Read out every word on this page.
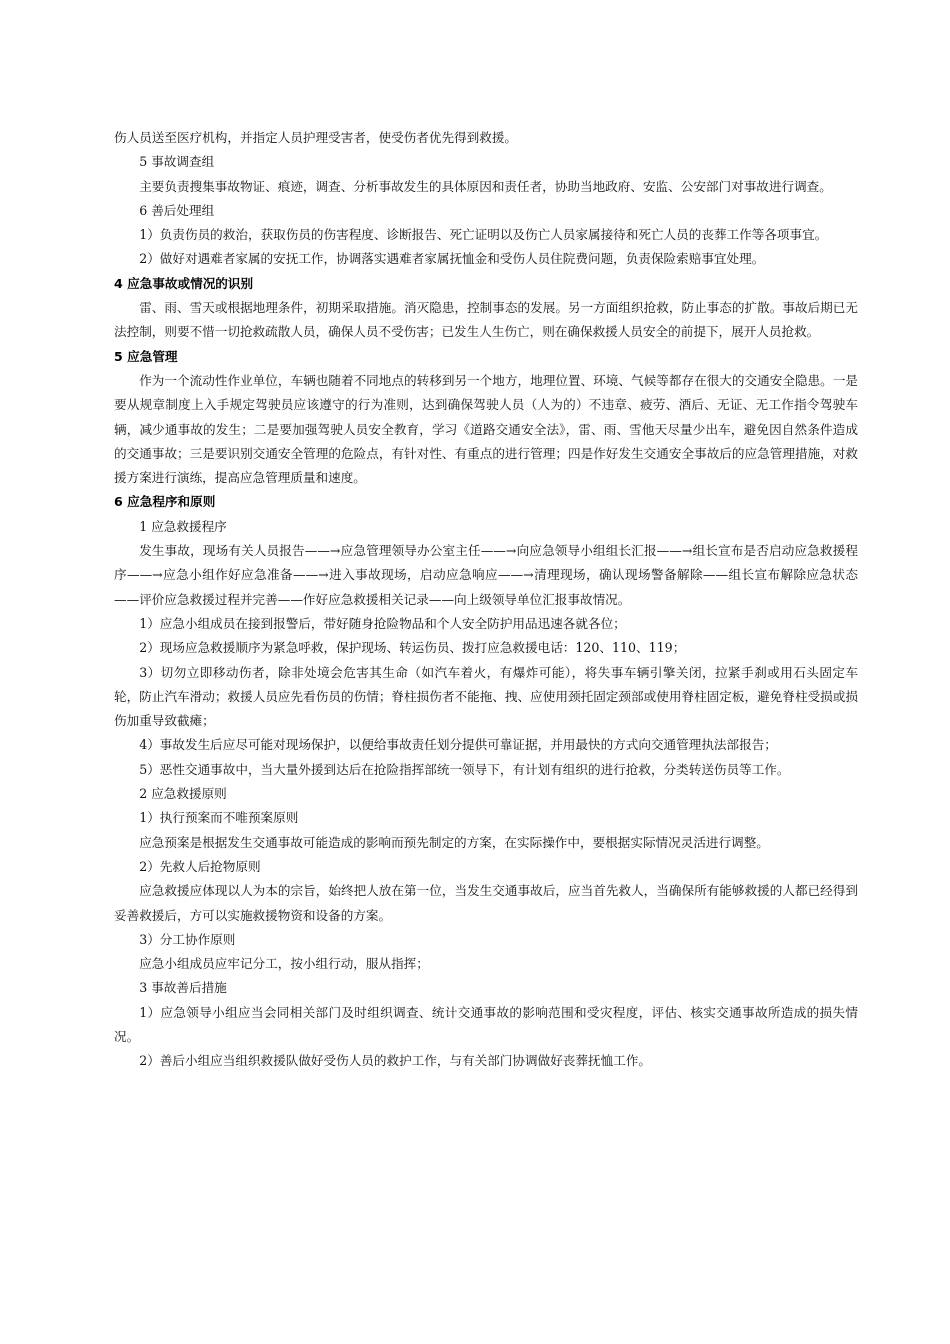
伤人员送至医疗机构，并指定人员护理受害者，使受伤者优先得到救援。

5 事故调查组

主要负责搜集事故物证、痕迹，调查、分析事故发生的具体原因和责任者，协助当地政府、安监、公安部门对事故进行调查。

6 善后处理组

1）负责伤员的救治，获取伤员的伤害程度、诊断报告、死亡证明以及伤亡人员家属接待和死亡人员的丧葬工作等各项事宜。

2）做好对遇难者家属的安抚工作，协调落实遇难者家属抚恤金和受伤人员住院费问题，负责保险索赔事宜处理。

4 应急事故或情况的识别

雷、雨、雪天或根据地理条件，初期采取措施。消灭隐患，控制事态的发展。另一方面组织抢救，防止事态的扩散。事故后期已无法控制，则要不惜一切抢救疏散人员，确保人员不受伤害；已发生人生伤亡，则在确保救援人员安全的前提下，展开人员抢救。

5 应急管理

作为一个流动性作业单位，车辆也随着不同地点的转移到另一个地方，地理位置、环境、气候等都存在很大的交通安全隐患。一是要从规章制度上入手规定驾驶员应该遵守的行为准则，达到确保驾驶人员（人为的）不违章、疲劳、酒后、无证、无工作指令驾驶车辆，减少通事故的发生；二是要加强驾驶人员安全教育，学习《道路交通安全法》，雷、雨、雪他天尽量少出车，避免因自然条件造成的交通事故；三是要识别交通安全管理的危险点，有针对性、有重点的进行管理；四是作好发生交通安全事故后的应急管理措施，对救援方案进行演练，提高应急管理质量和速度。

6 应急程序和原则

1 应急救援程序

发生事故，现场有关人员报告——→应急管理领导办公室主任——→向应急领导小组组长汇报——→组长宣布是否启动应急救援程序——→应急小组作好应急准备——→进入事故现场，启动应急响应——→清理现场，确认现场警备解除——组长宣布解除应急状态——评价应急救援过程并完善——作好应急救援相关记录——向上级领导单位汇报事故情况。

1）应急小组成员在接到报警后，带好随身抢险物品和个人安全防护用品迅速各就各位；

2）现场应急救援顺序为紧急呼救，保护现场、转运伤员、拨打应急救援电话：120、110、119；

3）切勿立即移动伤者，除非处境会危害其生命（如汽车着火，有爆炸可能），将失事车辆引擎关闭，拉紧手刹或用石头固定车轮，防止汽车滑动；救援人员应先看伤员的伤情；脊柱损伤者不能拖、拽、应使用颈托固定颈部或使用脊柱固定板，避免脊柱受损或损伤加重导致截瘫；

4）事故发生后应尽可能对现场保护，以便给事故责任划分提供可靠证据，并用最快的方式向交通管理执法部报告；

5）恶性交通事故中，当大量外援到达后在抢险指挥部统一领导下，有计划有组织的进行抢救，分类转送伤员等工作。

2 应急救援原则

1）执行预案而不唯预案原则

应急预案是根据发生交通事故可能造成的影响而预先制定的方案，在实际操作中，要根据实际情况灵活进行调整。

2）先救人后抢物原则

应急救援应体现以人为本的宗旨，始终把人放在第一位，当发生交通事故后，应当首先救人，当确保所有能够救援的人都已经得到妥善救援后，方可以实施救援物资和设备的方案。

3）分工协作原则

应急小组成员应牢记分工，按小组行动，服从指挥；

3 事故善后措施

1）应急领导小组应当会同相关部门及时组织调查、统计交通事故的影响范围和受灾程度，评估、核实交通事故所造成的损失情况。

2）善后小组应当组织救援队做好受伤人员的救护工作，与有关部门协调做好丧葬抚恤工作。
